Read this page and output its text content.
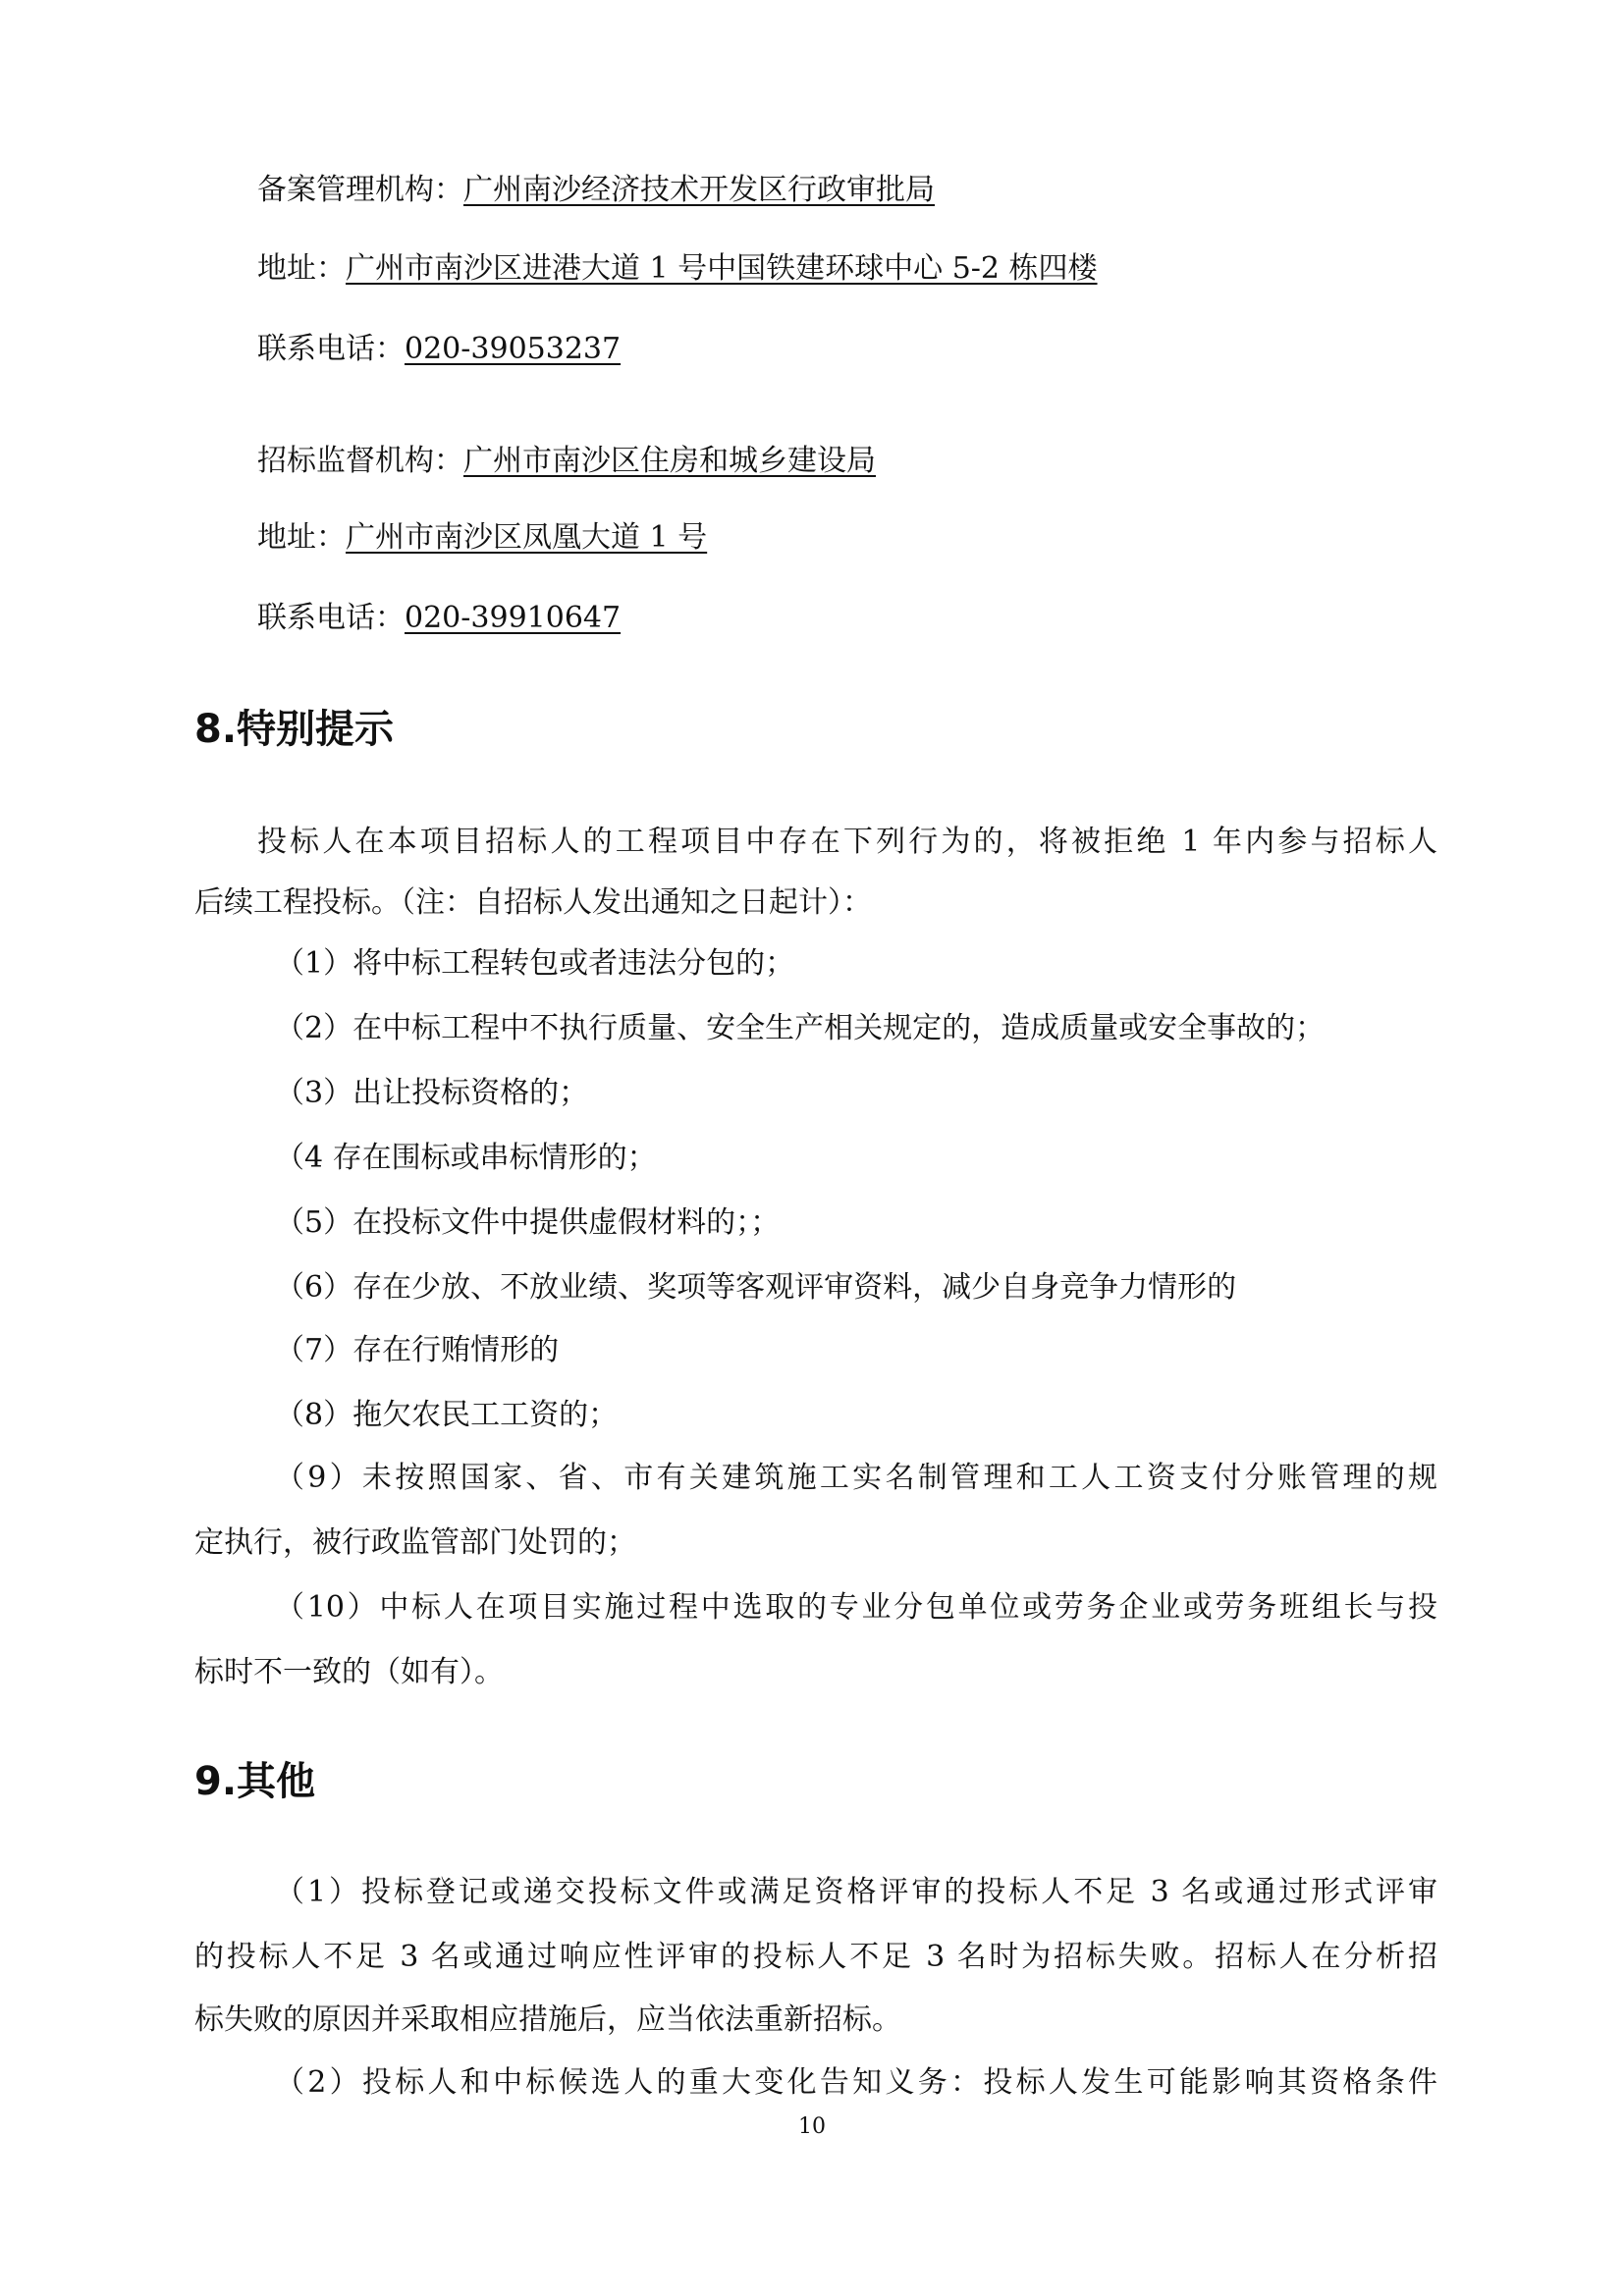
备案管理机构：广州南沙经济技术开发区行政审批局
地址：广州市南沙区进港大道 1 号中国铁建环球中心 5-2 栋四楼
联系电话：020-39053237
招标监督机构：广州市南沙区住房和城乡建设局
地址：广州市南沙区凤凰大道 1 号
联系电话：020-39910647
8.特别提示
投标人在本项目招标人的工程项目中存在下列行为的，将被拒绝 1 年内参与招标人
后续工程投标。（注：自招标人发出通知之日起计）：
（1）将中标工程转包或者违法分包的；
（2）在中标工程中不执行质量、安全生产相关规定的，造成质量或安全事故的；
（3）出让投标资格的；
（4 存在围标或串标情形的；
（5）在投标文件中提供虚假材料的；；
（6）存在少放、不放业绩、奖项等客观评审资料，减少自身竞争力情形的
（7）存在行贿情形的
（8）拖欠农民工工资的；
（9）未按照国家、省、市有关建筑施工实名制管理和工人工资支付分账管理的规
定执行，被行政监管部门处罚的；
（10）中标人在项目实施过程中选取的专业分包单位或劳务企业或劳务班组长与投
标时不一致的（如有）。
9.其他
（1）投标登记或递交投标文件或满足资格评审的投标人不足 3 名或通过形式评审
的投标人不足 3 名或通过响应性评审的投标人不足 3 名时为招标失败。招标人在分析招
标失败的原因并采取相应措施后，应当依法重新招标。
（2）投标人和中标候选人的重大变化告知义务：投标人发生可能影响其资格条件
10
